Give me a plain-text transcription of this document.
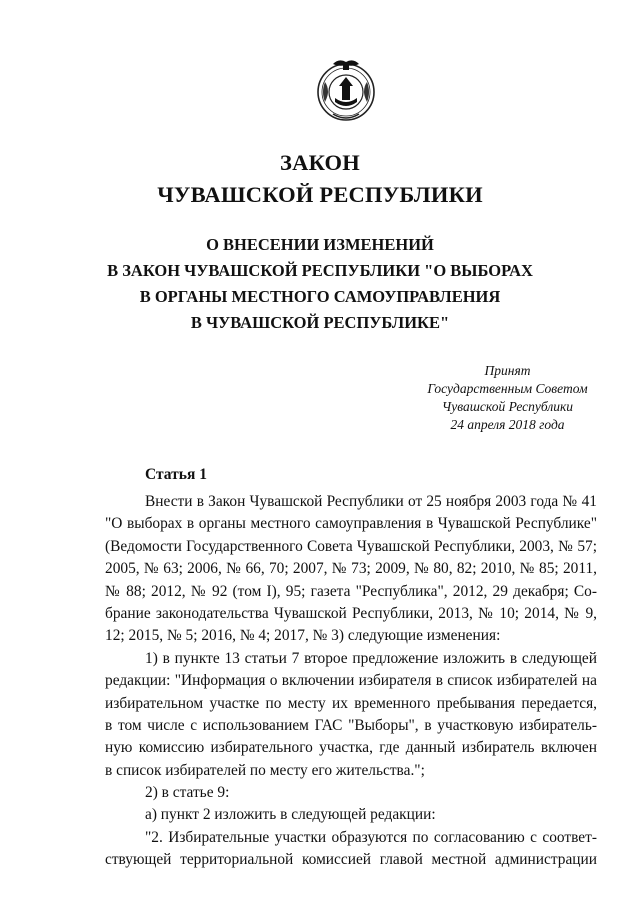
ЗАКОН
ЧУВАШСКОЙ РЕСПУБЛИКИ
О ВНЕСЕНИИ ИЗМЕНЕНИЙ
В ЗАКОН ЧУВАШСКОЙ РЕСПУБЛИКИ "О ВЫБОРАХ
В ОРГАНЫ МЕСТНОГО САМОУПРАВЛЕНИЯ
В ЧУВАШСКОЙ РЕСПУБЛИКЕ"
Принят
Государственным Советом
Чувашской Республики
24 апреля 2018 года
Статья 1
Внести в Закон Чувашской Республики от 25 ноября 2003 года № 41
"О выборах в органы местного самоуправления в Чувашской Республике"
(Ведомости Государственного Совета Чувашской Республики, 2003, № 57;
2005, № 63; 2006, № 66, 70; 2007, № 73; 2009, № 80, 82; 2010, № 85; 2011,
№ 88; 2012, № 92 (том I), 95; газета "Республика", 2012, 29 декабря; Со-
брание законодательства Чувашской Республики, 2013, № 10; 2014, № 9,
12; 2015, № 5; 2016, № 4; 2017, № 3) следующие изменения:
1) в пункте 13 статьи 7 второе предложение изложить в следующей
редакции: "Информация о включении избирателя в список избирателей на
избирательном участке по месту их временного пребывания передается,
в том числе с использованием ГАС "Выборы", в участковую избиратель-
ную комиссию избирательного участка, где данный избиратель включен
в список избирателей по месту его жительства.";
2) в статье 9:
а) пункт 2 изложить в следующей редакции:
"2. Избирательные участки образуются по согласованию с соответ-
ствующей территориальной комиссией главой местной администрации
